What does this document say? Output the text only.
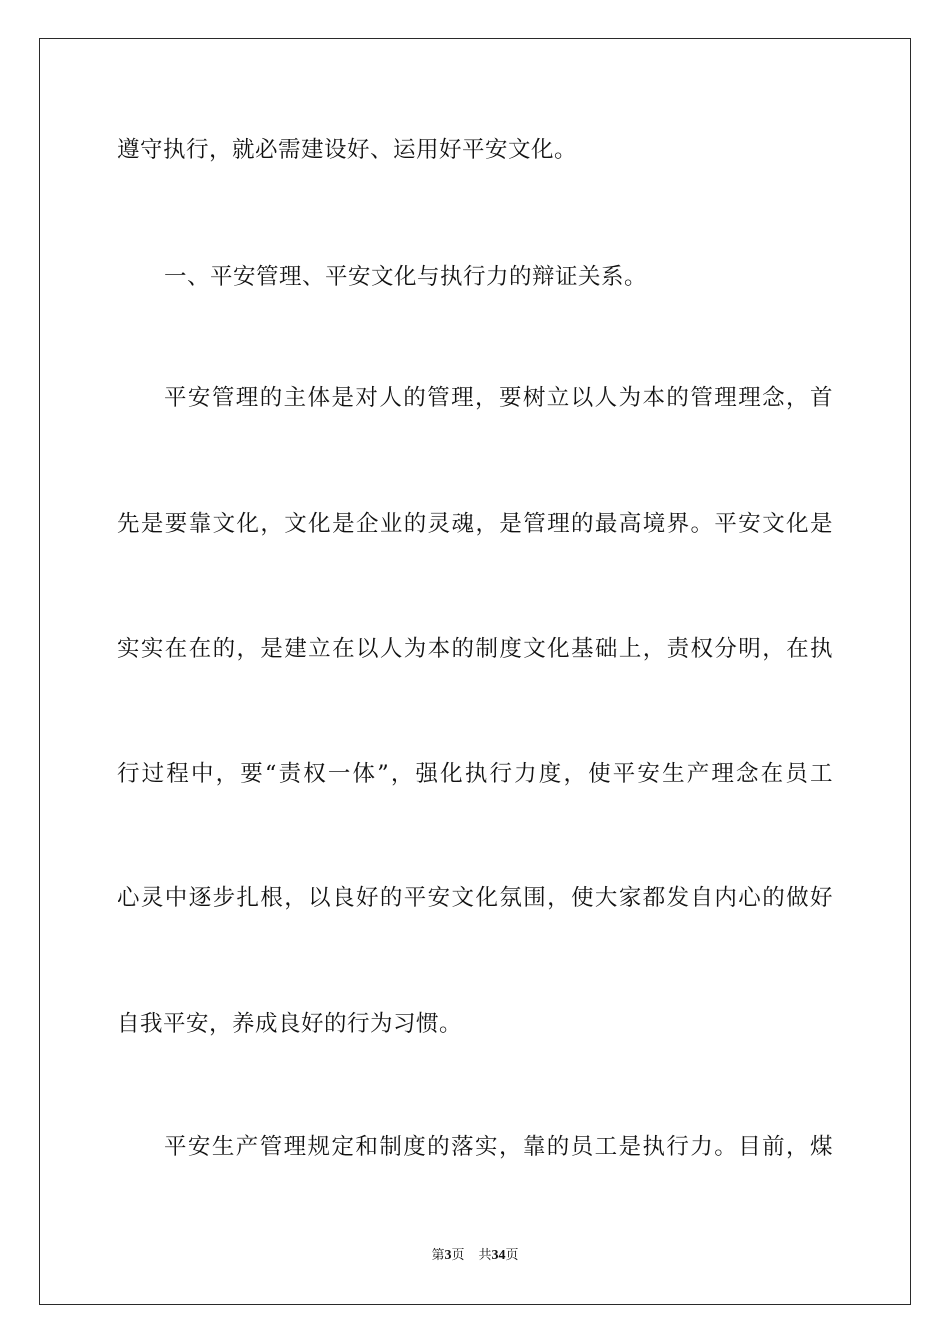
遵守执行，就必需建设好、运用好平安文化。
一、平安管理、平安文化与执行力的辩证关系。
平安管理的主体是对人的管理，要树立以人为本的管理理念，首
先是要靠文化，文化是企业的灵魂，是管理的最高境界。平安文化是
实实在在的，是建立在以人为本的制度文化基础上，责权分明，在执
行过程中，要“责权一体”，强化执行力度，使平安生产理念在员工
心灵中逐步扎根，以良好的平安文化氛围，使大家都发自内心的做好
自我平安，养成良好的行为习惯。
平安生产管理规定和制度的落实，靠的员工是执行力。目前，煤
第3页 共34页
